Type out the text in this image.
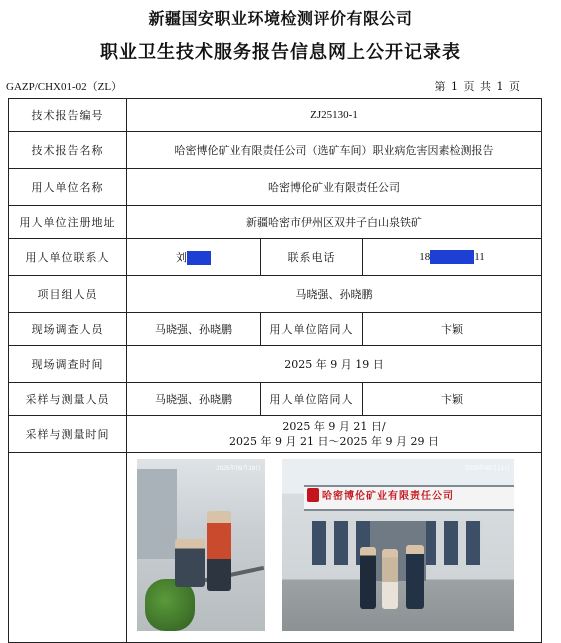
新疆国安职业环境检测评价有限公司
职业卫生技术服务报告信息网上公开记录表
GAZP/CHX01-02（ZL）	第 1 页 共 1 页
技术报告编号	ZJ25130-1		
技术报告名称	哈密博伦矿业有限责任公司（选矿车间）职业病危害因素检测报告		
用人单位名称	哈密博伦矿业有限责任公司		
用人单位注册地址	新疆哈密市伊州区双井子白山泉铁矿		
用人单位联系人	刘	联系电话	18 11
项目组人员	马晓强、孙晓鹏		
现场调查人员	马晓强、孙晓鹏	用人单位陪同人	卞颖
现场调查时间	2025 年 9 月 19 日		
采样与测量人员	马晓强、孙晓鹏	用人单位陪同人	卞颖
采样与测量时间	2025 年 9 月 21 日/
2025 年 9 月 21 日～2025 年 9 月 29 日		

	2025年09月19日 2025年09月21日
哈密博伦矿业有限责任公司		
